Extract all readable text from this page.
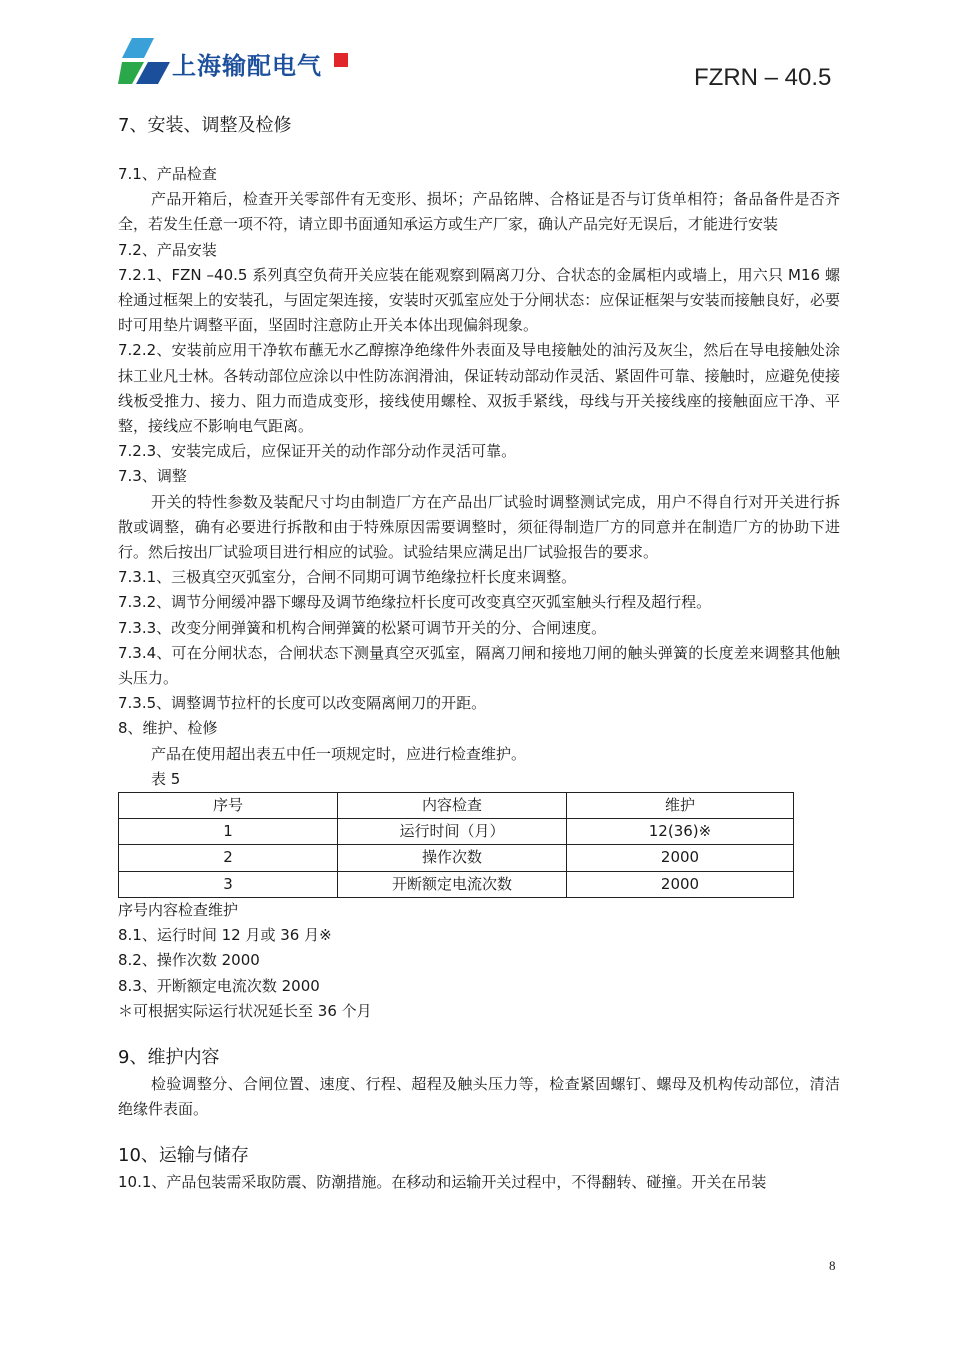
上海输配电气	FZRN – 40.5

7、安装、调整及检修

7.1、产品检查

产品开箱后，检查开关零部件有无变形、损坏；产品铭牌、合格证是否与订货单相符；备品备件是否齐全，若发生任意一项不符，请立即书面通知承运方或生产厂家，确认产品完好无误后，才能进行安装

7.2、产品安装

7.2.1、FZN –40.5 系列真空负荷开关应装在能观察到隔离刀分、合状态的金属柜内或墙上，用六只 M16 螺栓通过框架上的安装孔，与固定架连接，安装时灭弧室应处于分闸状态：应保证框架与安装而接触良好，必要时可用垫片调整平面，坚固时注意防止开关本体出现偏斜现象。

7.2.2、安装前应用干净软布蘸无水乙醇擦净绝缘件外表面及导电接触处的油污及灰尘，然后在导电接触处涂抹工业凡士林。各转动部位应涂以中性防冻润滑油，保证转动部动作灵活、紧固件可靠、接触时，应避免使接线板受推力、接力、阻力而造成变形，接线使用螺栓、双扳手紧线，母线与开关接线座的接触面应干净、平整，接线应不影响电气距离。

7.2.3、安装完成后，应保证开关的动作部分动作灵活可靠。

7.3、调整

开关的特性参数及装配尺寸均由制造厂方在产品出厂试验时调整测试完成，用户不得自行对开关进行拆散或调整，确有必要进行拆散和由于特殊原因需要调整时，须征得制造厂方的同意并在制造厂方的协助下进行。然后按出厂试验项目进行相应的试验。试验结果应满足出厂试验报告的要求。

7.3.1、三极真空灭弧室分，合闸不同期可调节绝缘拉杆长度来调整。

7.3.2、调节分闸缓冲器下螺母及调节绝缘拉杆长度可改变真空灭弧室触头行程及超行程。

7.3.3、改变分闸弹簧和机构合闸弹簧的松紧可调节开关的分、合闸速度。

7.3.4、可在分闸状态，合闸状态下测量真空灭弧室，隔离刀闸和接地刀闸的触头弹簧的长度差来调整其他触头压力。

7.3.5、调整调节拉杆的长度可以改变隔离闸刀的开距。

8、维护、检修

产品在使用超出表五中任一项规定时，应进行检查维护。

表 5

序号	内容检查	维护
1	运行时间（月）	12(36)※
2	操作次数	2000
3	开断额定电流次数	2000

序号内容检查维护

8.1、运行时间 12 月或 36 月※

8.2、操作次数 2000

8.3、开断额定电流次数 2000

＊可根据实际运行状况延长至 36 个月

9、维护内容

检验调整分、合闸位置、速度、行程、超程及触头压力等，检查紧固螺钉、螺母及机构传动部位，清洁绝缘件表面。

10、运输与储存

10.1、产品包装需采取防震、防潮措施。在移动和运输开关过程中，不得翻转、碰撞。开关在吊装

8
